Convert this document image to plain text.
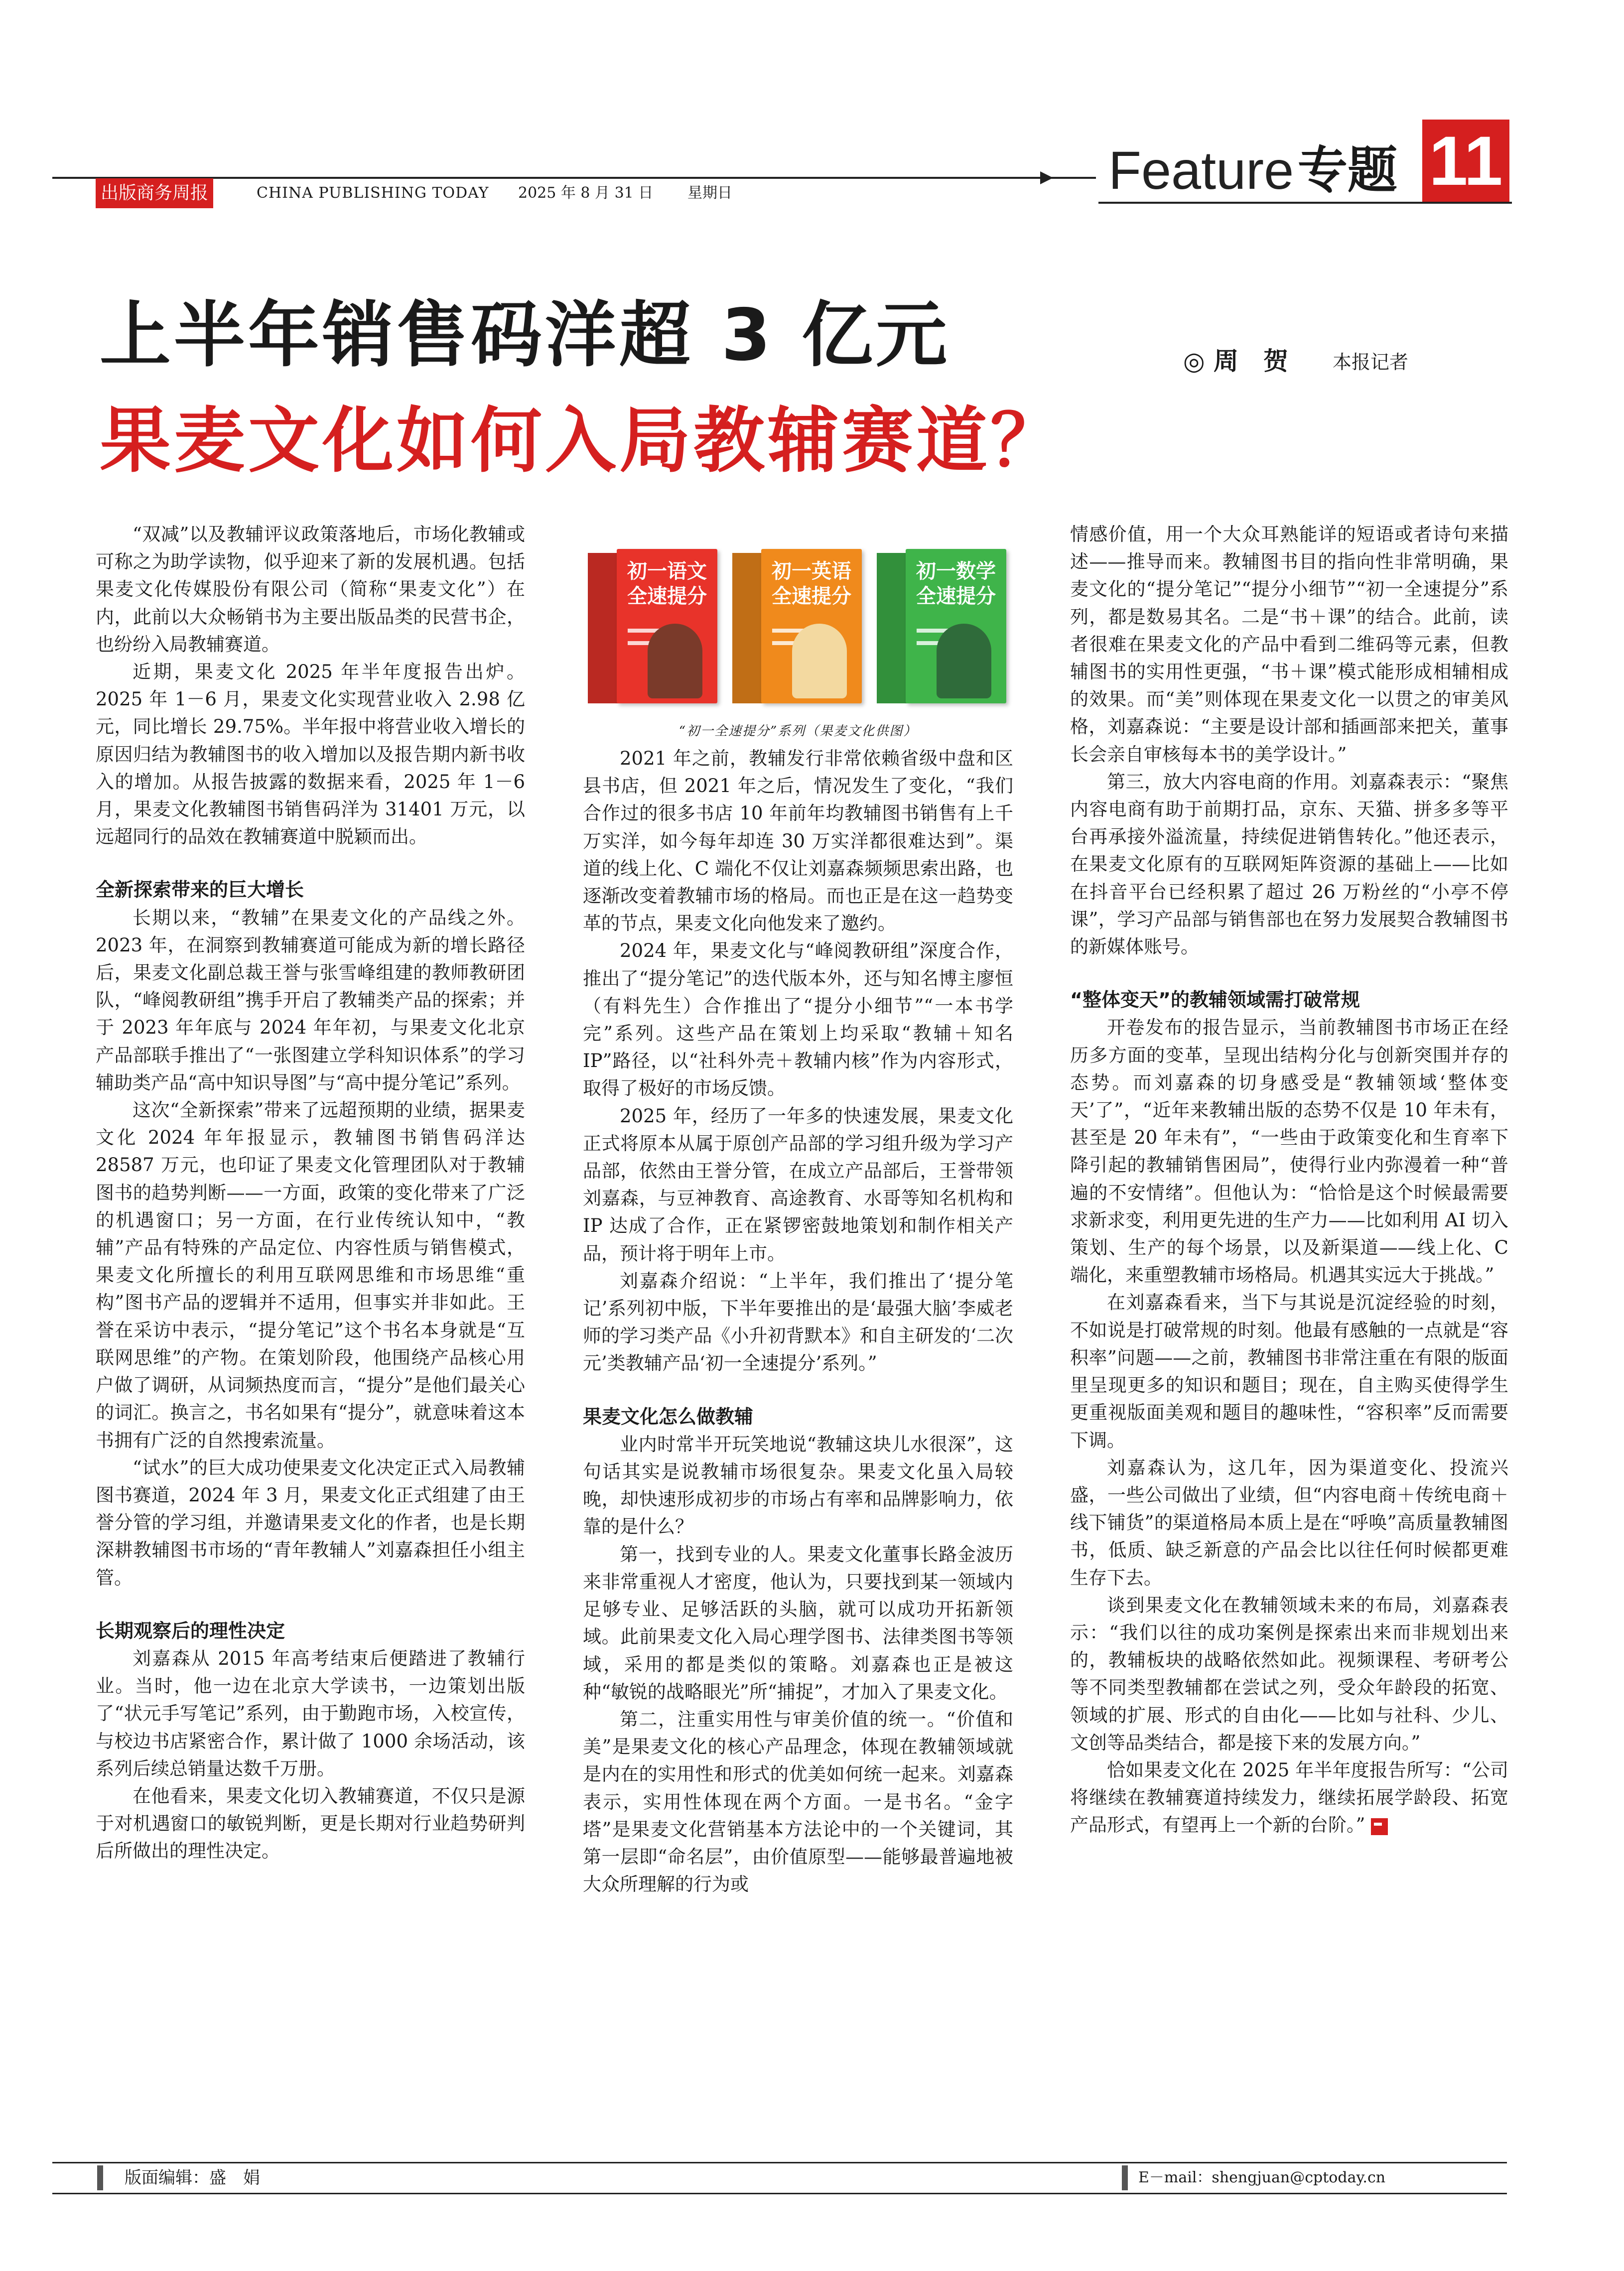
出版商务周报	CHINA PUBLISHING TODAY 2025 年 8 月 31 日 星期日	Feature 专题 11
上半年销售码洋超 3 亿元
果麦文化如何入局教辅赛道？
◎ 周　贺 本报记者
初一语文全速提分
初一英语全速提分
初一数学全速提分
“初一全速提分”系列（果麦文化供图）

“双减”以及教辅评议政策落地后，市场化教辅或可称之为助学读物，似乎迎来了新的发展机遇。包括果麦文化传媒股份有限公司（简称“果麦文化”）在内，此前以大众畅销书为主要出版品类的民营书企，也纷纷入局教辅赛道。

近期，果麦文化 2025 年半年度报告出炉。2025 年 1－6 月，果麦文化实现营业收入 2.98 亿元，同比增长 29.75%。半年报中将营业收入增长的原因归结为教辅图书的收入增加以及报告期内新书收入的增加。从报告披露的数据来看，2025 年 1－6 月，果麦文化教辅图书销售码洋为 31401 万元，以远超同行的品效在教辅赛道中脱颖而出。

全新探索带来的巨大增长

长期以来，“教辅”在果麦文化的产品线之外。2023 年，在洞察到教辅赛道可能成为新的增长路径后，果麦文化副总裁王誉与张雪峰组建的教师教研团队，“峰阅教研组”携手开启了教辅类产品的探索；并于 2023 年年底与 2024 年年初，与果麦文化北京产品部联手推出了“一张图建立学科知识体系”的学习辅助类产品“高中知识导图”与“高中提分笔记”系列。

这次“全新探索”带来了远超预期的业绩，据果麦文化 2024 年年报显示，教辅图书销售码洋达 28587 万元，也印证了果麦文化管理团队对于教辅图书的趋势判断——一方面，政策的变化带来了广泛的机遇窗口；另一方面，在行业传统认知中，“教辅”产品有特殊的产品定位、内容性质与销售模式，果麦文化所擅长的利用互联网思维和市场思维“重构”图书产品的逻辑并不适用，但事实并非如此。王誉在采访中表示，“提分笔记”这个书名本身就是“互联网思维”的产物。在策划阶段，他围绕产品核心用户做了调研，从词频热度而言，“提分”是他们最关心的词汇。换言之，书名如果有“提分”，就意味着这本书拥有广泛的自然搜索流量。

“试水”的巨大成功使果麦文化决定正式入局教辅图书赛道，2024 年 3 月，果麦文化正式组建了由王誉分管的学习组，并邀请果麦文化的作者，也是长期深耕教辅图书市场的“青年教辅人”刘嘉森担任小组主管。

长期观察后的理性决定

刘嘉森从 2015 年高考结束后便踏进了教辅行业。当时，他一边在北京大学读书，一边策划出版了“状元手写笔记”系列，由于勤跑市场，入校宣传，与校边书店紧密合作，累计做了 1000 余场活动，该系列后续总销量达数千万册。

在他看来，果麦文化切入教辅赛道，不仅只是源于对机遇窗口的敏锐判断，更是长期对行业趋势研判后所做出的理性决定。

2021 年之前，教辅发行非常依赖省级中盘和区县书店，但 2021 年之后，情况发生了变化，“我们合作过的很多书店 10 年前年均教辅图书销售有上千万实洋，如今每年却连 30 万实洋都很难达到”。渠道的线上化、C 端化不仅让刘嘉森频频思索出路，也逐渐改变着教辅市场的格局。而也正是在这一趋势变革的节点，果麦文化向他发来了邀约。

2024 年，果麦文化与“峰阅教研组”深度合作，推出了“提分笔记”的迭代版本外，还与知名博主廖恒（有料先生）合作推出了“提分小细节”“一本书学完”系列。这些产品在策划上均采取“教辅＋知名 IP”路径，以“社科外壳＋教辅内核”作为内容形式，取得了极好的市场反馈。

2025 年，经历了一年多的快速发展，果麦文化正式将原本从属于原创产品部的学习组升级为学习产品部，依然由王誉分管，在成立产品部后，王誉带领刘嘉森，与豆神教育、高途教育、水哥等知名机构和 IP 达成了合作，正在紧锣密鼓地策划和制作相关产品，预计将于明年上市。

刘嘉森介绍说：“上半年，我们推出了‘提分笔记’系列初中版，下半年要推出的是‘最强大脑’李威老师的学习类产品《小升初背默本》和自主研发的‘二次元’类教辅产品‘初一全速提分’系列。”

果麦文化怎么做教辅

业内时常半开玩笑地说“教辅这块儿水很深”，这句话其实是说教辅市场很复杂。果麦文化虽入局较晚，却快速形成初步的市场占有率和品牌影响力，依靠的是什么？

第一，找到专业的人。果麦文化董事长路金波历来非常重视人才密度，他认为，只要找到某一领域内足够专业、足够活跃的头脑，就可以成功开拓新领域。此前果麦文化入局心理学图书、法律类图书等领域，采用的都是类似的策略。刘嘉森也正是被这种“敏锐的战略眼光”所“捕捉”，才加入了果麦文化。

第二，注重实用性与审美价值的统一。“价值和美”是果麦文化的核心产品理念，体现在教辅领域就是内在的实用性和形式的优美如何统一起来。刘嘉森表示，实用性体现在两个方面。一是书名。“金字塔”是果麦文化营销基本方法论中的一个关键词，其第一层即“命名层”，由价值原型——能够最普遍地被大众所理解的行为或

情感价值，用一个大众耳熟能详的短语或者诗句来描述——推导而来。教辅图书目的指向性非常明确，果麦文化的“提分笔记”“提分小细节”“初一全速提分”系列，都是数易其名。二是“书＋课”的结合。此前，读者很难在果麦文化的产品中看到二维码等元素，但教辅图书的实用性更强，“书＋课”模式能形成相辅相成的效果。而“美”则体现在果麦文化一以贯之的审美风格，刘嘉森说：“主要是设计部和插画部来把关，董事长会亲自审核每本书的美学设计。”

第三，放大内容电商的作用。刘嘉森表示：“聚焦内容电商有助于前期打品，京东、天猫、拼多多等平台再承接外溢流量，持续促进销售转化。”他还表示，在果麦文化原有的互联网矩阵资源的基础上——比如在抖音平台已经积累了超过 26 万粉丝的“小亭不停课”，学习产品部与销售部也在努力发展契合教辅图书的新媒体账号。

“整体变天”的教辅领域需打破常规

开卷发布的报告显示，当前教辅图书市场正在经历多方面的变革，呈现出结构分化与创新突围并存的态势。而刘嘉森的切身感受是“教辅领域‘整体变天’了”，“近年来教辅出版的态势不仅是 10 年未有，甚至是 20 年未有”，“一些由于政策变化和生育率下降引起的教辅销售困局”，使得行业内弥漫着一种“普遍的不安情绪”。但他认为：“恰恰是这个时候最需要求新求变，利用更先进的生产力——比如利用 AI 切入策划、生产的每个场景，以及新渠道——线上化、C 端化，来重塑教辅市场格局。机遇其实远大于挑战。”

在刘嘉森看来，当下与其说是沉淀经验的时刻，不如说是打破常规的时刻。他最有感触的一点就是“容积率”问题——之前，教辅图书非常注重在有限的版面里呈现更多的知识和题目；现在，自主购买使得学生更重视版面美观和题目的趣味性，“容积率”反而需要下调。

刘嘉森认为，这几年，因为渠道变化、投流兴盛，一些公司做出了业绩，但“内容电商＋传统电商＋线下铺货”的渠道格局本质上是在“呼唤”高质量教辅图书，低质、缺乏新意的产品会比以往任何时候都更难生存下去。

谈到果麦文化在教辅领域未来的布局，刘嘉森表示：“我们以往的成功案例是探索出来而非规划出来的，教辅板块的战略依然如此。视频课程、考研考公等不同类型教辅都在尝试之列，受众年龄段的拓宽、领域的扩展、形式的自由化——比如与社科、少儿、文创等品类结合，都是接下来的发展方向。”

恰如果麦文化在 2025 年半年度报告所写：“公司将继续在教辅赛道持续发力，继续拓展学龄段、拓宽产品形式，有望再上一个新的台阶。”

版面编辑：盛　娟	E－mail：shengjuan@cptoday.cn
